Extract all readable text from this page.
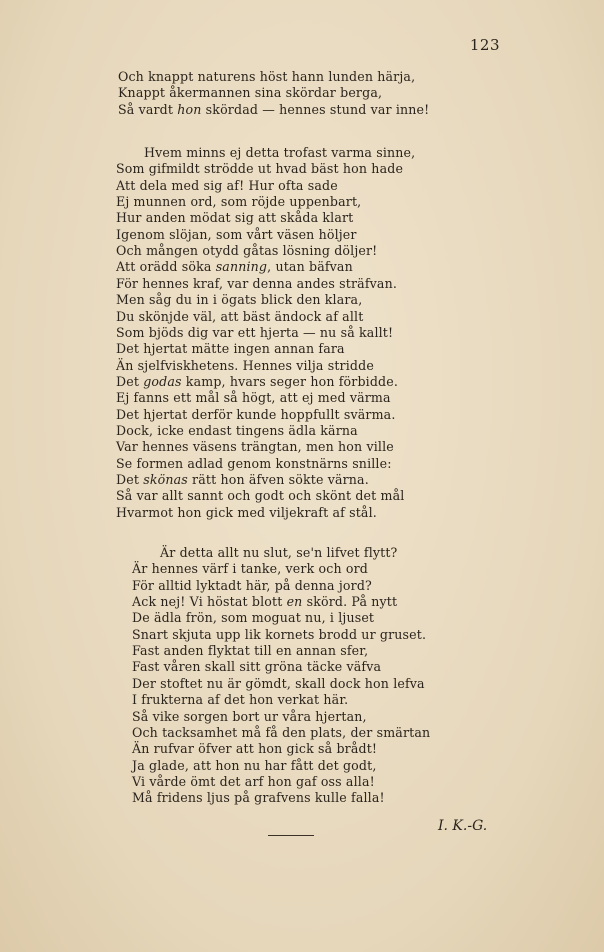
123
Och knappt naturens höst hann lunden härja,
Knappt åkermannen sina skördar berga,
Så vardt hon skördad — hennes stund var inne!
Hvem minns ej detta trofast varma sinne,
Som gifmildt strödde ut hvad bäst hon hade
Att dela med sig af! Hur ofta sade
Ej munnen ord, som röjde uppenbart,
Hur anden mödat sig att skåda klart
Igenom slöjan, som vårt väsen höljer
Och mången otydd gåtas lösning döljer!
Att orädd söka sanning, utan bäfvan
För hennes kraf, var denna andes sträfvan.
Men såg du in i ögats blick den klara,
Du skönjde väl, att bäst ändock af allt
Som bjöds dig var ett hjerta — nu så kallt!
Det hjertat mätte ingen annan fara
Än sjelfviskhetens. Hennes vilja stridde
Det godas kamp, hvars seger hon förbidde.
Ej fanns ett mål så högt, att ej med värma
Det hjertat derför kunde hoppfullt svärma.
Dock, icke endast tingens ädla kärna
Var hennes väsens trängtan, men hon ville
Se formen adlad genom konstnärns snille:
Det skönas rätt hon äfven sökte värna.
Så var allt sannt och godt och skönt det mål
Hvarmot hon gick med viljekraft af stål.
Är detta allt nu slut, se'n lifvet flytt?
Är hennes värf i tanke, verk och ord
För alltid lyktadt här, på denna jord?
Ack nej! Vi höstat blott en skörd. På nytt
De ädla frön, som moguat nu, i ljuset
Snart skjuta upp lik kornets brodd ur gruset.
Fast anden flyktat till en annan sfer,
Fast våren skall sitt gröna täcke väfva
Der stoftet nu är gömdt, skall dock hon lefva
I frukterna af det hon verkat här.
Så vike sorgen bort ur våra hjertan,
Och tacksamhet må få den plats, der smärtan
Än rufvar öfver att hon gick så brådt!
Ja glade, att hon nu har fått det godt,
Vi vårde ömt det arf hon gaf oss alla!
Må fridens ljus på grafvens kulle falla!
I. K.-G.
